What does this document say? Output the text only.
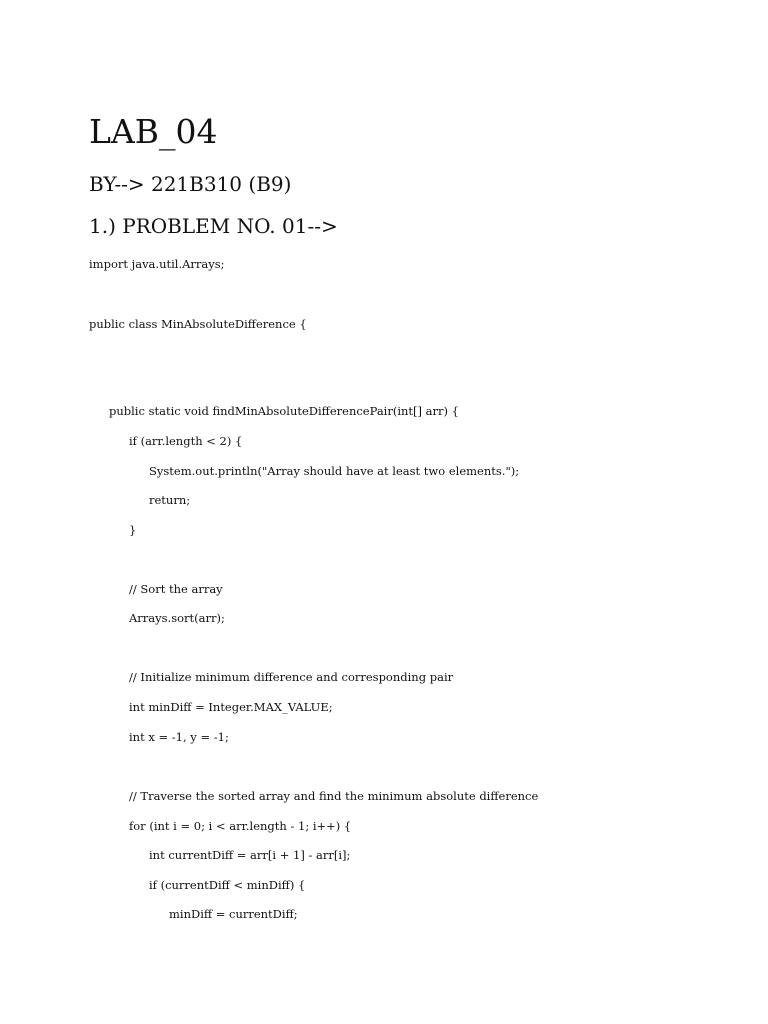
LAB_04
BY--> 221B310 (B9)
1.) PROBLEM NO. 01-->
import java.util.Arrays;
public class MinAbsoluteDifference {
public static void findMinAbsoluteDifferencePair(int[] arr) {
if (arr.length < 2) {
System.out.println("Array should have at least two elements.");
return;
}
// Sort the array
Arrays.sort(arr);
// Initialize minimum difference and corresponding pair
int minDiff = Integer.MAX_VALUE;
int x = -1, y = -1;
// Traverse the sorted array and find the minimum absolute difference
for (int i = 0; i < arr.length - 1; i++) {
int currentDiff = arr[i + 1] - arr[i];
if (currentDiff < minDiff) {
minDiff = currentDiff;
